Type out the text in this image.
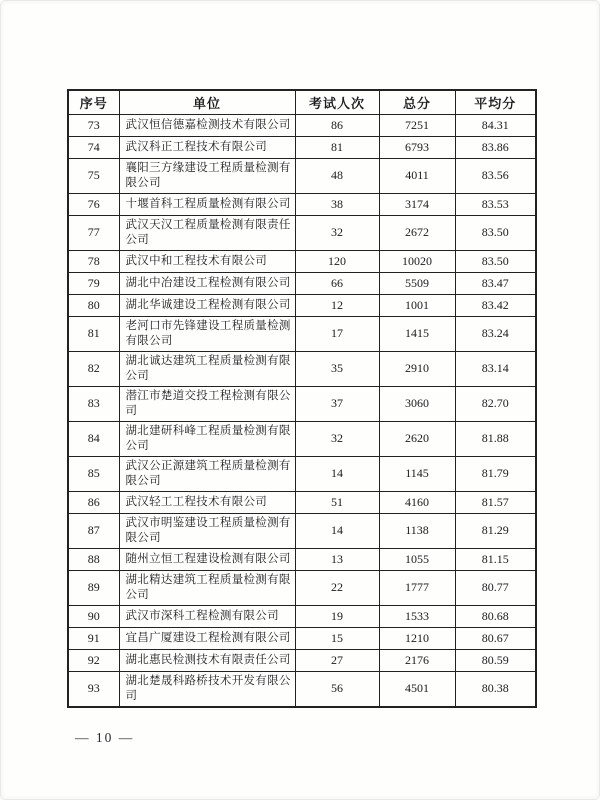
序号	单位	考试人次	总分	平均分
73	武汉恒信德嘉检测技术有限公司	86	7251	84.31
74	武汉科正工程技术有限公司	81	6793	83.86
75	襄阳三方缘建设工程质量检测有限公司	48	4011	83.56
76	十堰首科工程质量检测有限公司	38	3174	83.53
77	武汉天汉工程质量检测有限责任公司	32	2672	83.50
78	武汉中和工程技术有限公司	120	10020	83.50
79	湖北中冶建设工程检测有限公司	66	5509	83.47
80	湖北华诚建设工程检测有限公司	12	1001	83.42
81	老河口市先锋建设工程质量检测有限公司	17	1415	83.24
82	湖北诚达建筑工程质量检测有限公司	35	2910	83.14
83	潜江市楚道交投工程检测有限公司	37	3060	82.70
84	湖北建研科峰工程质量检测有限公司	32	2620	81.88
85	武汉公正源建筑工程质量检测有限公司	14	1145	81.79
86	武汉轻工工程技术有限公司	51	4160	81.57
87	武汉市明鉴建设工程质量检测有限公司	14	1138	81.29
88	随州立恒工程建设检测有限公司	13	1055	81.15
89	湖北精达建筑工程质量检测有限公司	22	1777	80.77
90	武汉市深科工程检测有限公司	19	1533	80.68
91	宜昌广厦建设工程检测有限公司	15	1210	80.67
92	湖北惠民检测技术有限责任公司	27	2176	80.59
93	湖北楚晟科路桥技术开发有限公司	56	4501	80.38
— 10 —
